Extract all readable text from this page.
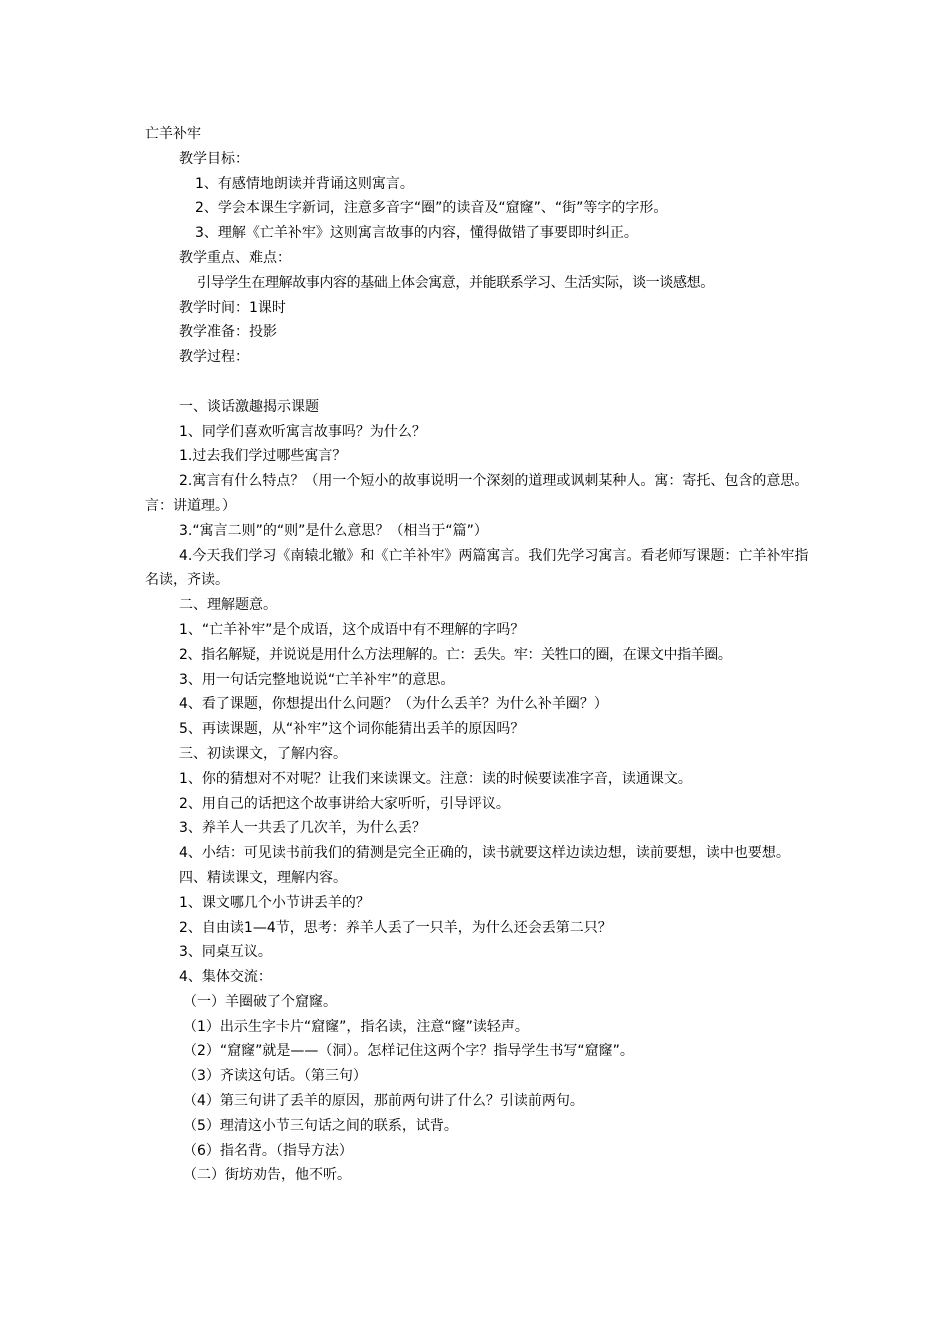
亡羊补牢
教学目标：
1、有感情地朗读并背诵这则寓言。
2、学会本课生字新词，注意多音字“圈”的读音及“窟窿”、“街”等字的字形。
3、理解《亡羊补牢》这则寓言故事的内容，懂得做错了事要即时纠正。
教学重点、难点：
引导学生在理解故事内容的基础上体会寓意，并能联系学习、生活实际，谈一谈感想。
教学时间：1课时
教学准备：投影
教学过程：
一、谈话激趣揭示课题
1、同学们喜欢听寓言故事吗？为什么？
1.过去我们学过哪些寓言？
2.寓言有什么特点？（用一个短小的故事说明一个深刻的道理或讽刺某种人。寓：寄托、包含的意思。言：讲道理。）
3.“寓言二则”的“则”是什么意思？（相当于“篇”）
4.今天我们学习《南辕北辙》和《亡羊补牢》两篇寓言。我们先学习寓言。看老师写课题：亡羊补牢指名读，齐读。
二、理解题意。
1、“亡羊补牢”是个成语，这个成语中有不理解的字吗？
2、指名解疑，并说说是用什么方法理解的。亡：丢失。牢：关牲口的圈，在课文中指羊圈。
3、用一句话完整地说说“亡羊补牢”的意思。
4、看了课题，你想提出什么问题？（为什么丢羊？为什么补羊圈？）
5、再读课题，从“补牢”这个词你能猜出丢羊的原因吗？
三、初读课文，了解内容。
1、你的猜想对不对呢？让我们来读课文。注意：读的时候要读准字音，读通课文。
2、用自己的话把这个故事讲给大家听听，引导评议。
3、养羊人一共丢了几次羊，为什么丢？
4、小结：可见读书前我们的猜测是完全正确的，读书就要这样边读边想，读前要想，读中也要想。
四、精读课文，理解内容。
1、课文哪几个小节讲丢羊的？
2、自由读1—4节，思考：养羊人丢了一只羊，为什么还会丢第二只？
3、同桌互议。
4、集体交流：
（一）羊圈破了个窟窿。
（1）出示生字卡片“窟窿”，指名读，注意“窿”读轻声。
（2）“窟窿”就是——（洞）。怎样记住这两个字？指导学生书写“窟窿”。
（3）齐读这句话。（第三句）
（4）第三句讲了丢羊的原因，那前两句讲了什么？引读前两句。
（5）理清这小节三句话之间的联系，试背。
（6）指名背。（指导方法）
（二）街坊劝告，他不听。
